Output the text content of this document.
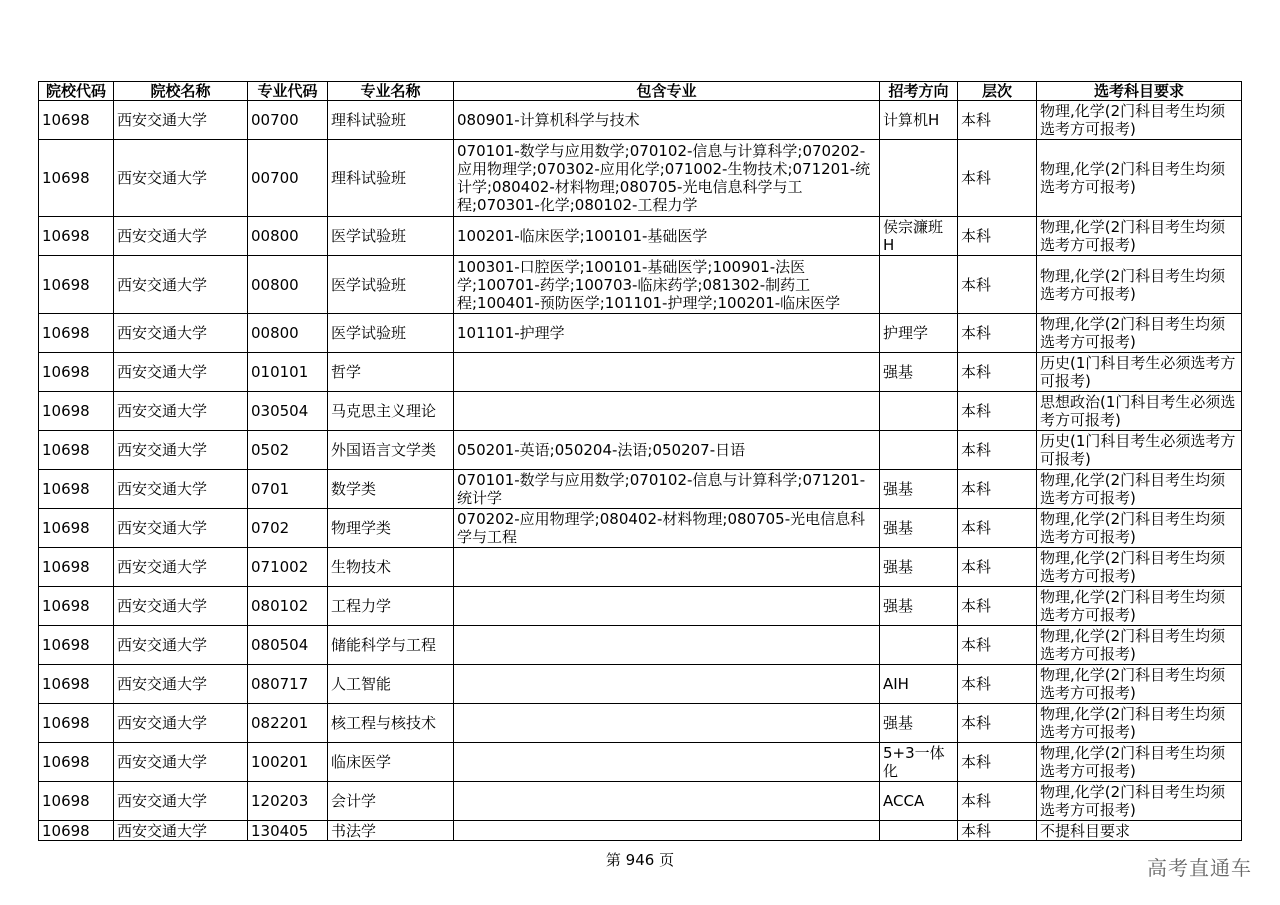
院校代码	院校名称	专业代码	专业名称	包含专业	招考方向	层次	选考科目要求
10698	西安交通大学	00700	理科试验班	080901-计算机科学与技术	计算机H	本科	物理,化学(2门科目考生均须选考方可报考)
10698	西安交通大学	00700	理科试验班	070101-数学与应用数学;070102-信息与计算科学;070202-应用物理学;070302-应用化学;071002-生物技术;071201-统计学;080402-材料物理;080705-光电信息科学与工程;070301-化学;080102-工程力学		本科	物理,化学(2门科目考生均须选考方可报考)
10698	西安交通大学	00800	医学试验班	100201-临床医学;100101-基础医学	侯宗濂班H	本科	物理,化学(2门科目考生均须选考方可报考)
10698	西安交通大学	00800	医学试验班	100301-口腔医学;100101-基础医学;100901-法医学;100701-药学;100703-临床药学;081302-制药工程;100401-预防医学;101101-护理学;100201-临床医学		本科	物理,化学(2门科目考生均须选考方可报考)
10698	西安交通大学	00800	医学试验班	101101-护理学	护理学	本科	物理,化学(2门科目考生均须选考方可报考)
10698	西安交通大学	010101	哲学		强基	本科	历史(1门科目考生必须选考方可报考)
10698	西安交通大学	030504	马克思主义理论			本科	思想政治(1门科目考生必须选考方可报考)
10698	西安交通大学	0502	外国语言文学类	050201-英语;050204-法语;050207-日语		本科	历史(1门科目考生必须选考方可报考)
10698	西安交通大学	0701	数学类	070101-数学与应用数学;070102-信息与计算科学;071201-统计学	强基	本科	物理,化学(2门科目考生均须选考方可报考)
10698	西安交通大学	0702	物理学类	070202-应用物理学;080402-材料物理;080705-光电信息科学与工程	强基	本科	物理,化学(2门科目考生均须选考方可报考)
10698	西安交通大学	071002	生物技术		强基	本科	物理,化学(2门科目考生均须选考方可报考)
10698	西安交通大学	080102	工程力学		强基	本科	物理,化学(2门科目考生均须选考方可报考)
10698	西安交通大学	080504	储能科学与工程			本科	物理,化学(2门科目考生均须选考方可报考)
10698	西安交通大学	080717	人工智能		AIH	本科	物理,化学(2门科目考生均须选考方可报考)
10698	西安交通大学	082201	核工程与核技术		强基	本科	物理,化学(2门科目考生均须选考方可报考)
10698	西安交通大学	100201	临床医学		5+3一体化	本科	物理,化学(2门科目考生均须选考方可报考)
10698	西安交通大学	120203	会计学		ACCA	本科	物理,化学(2门科目考生均须选考方可报考)
10698	西安交通大学	130405	书法学			本科	不提科目要求
第 946 页	高考直通车
